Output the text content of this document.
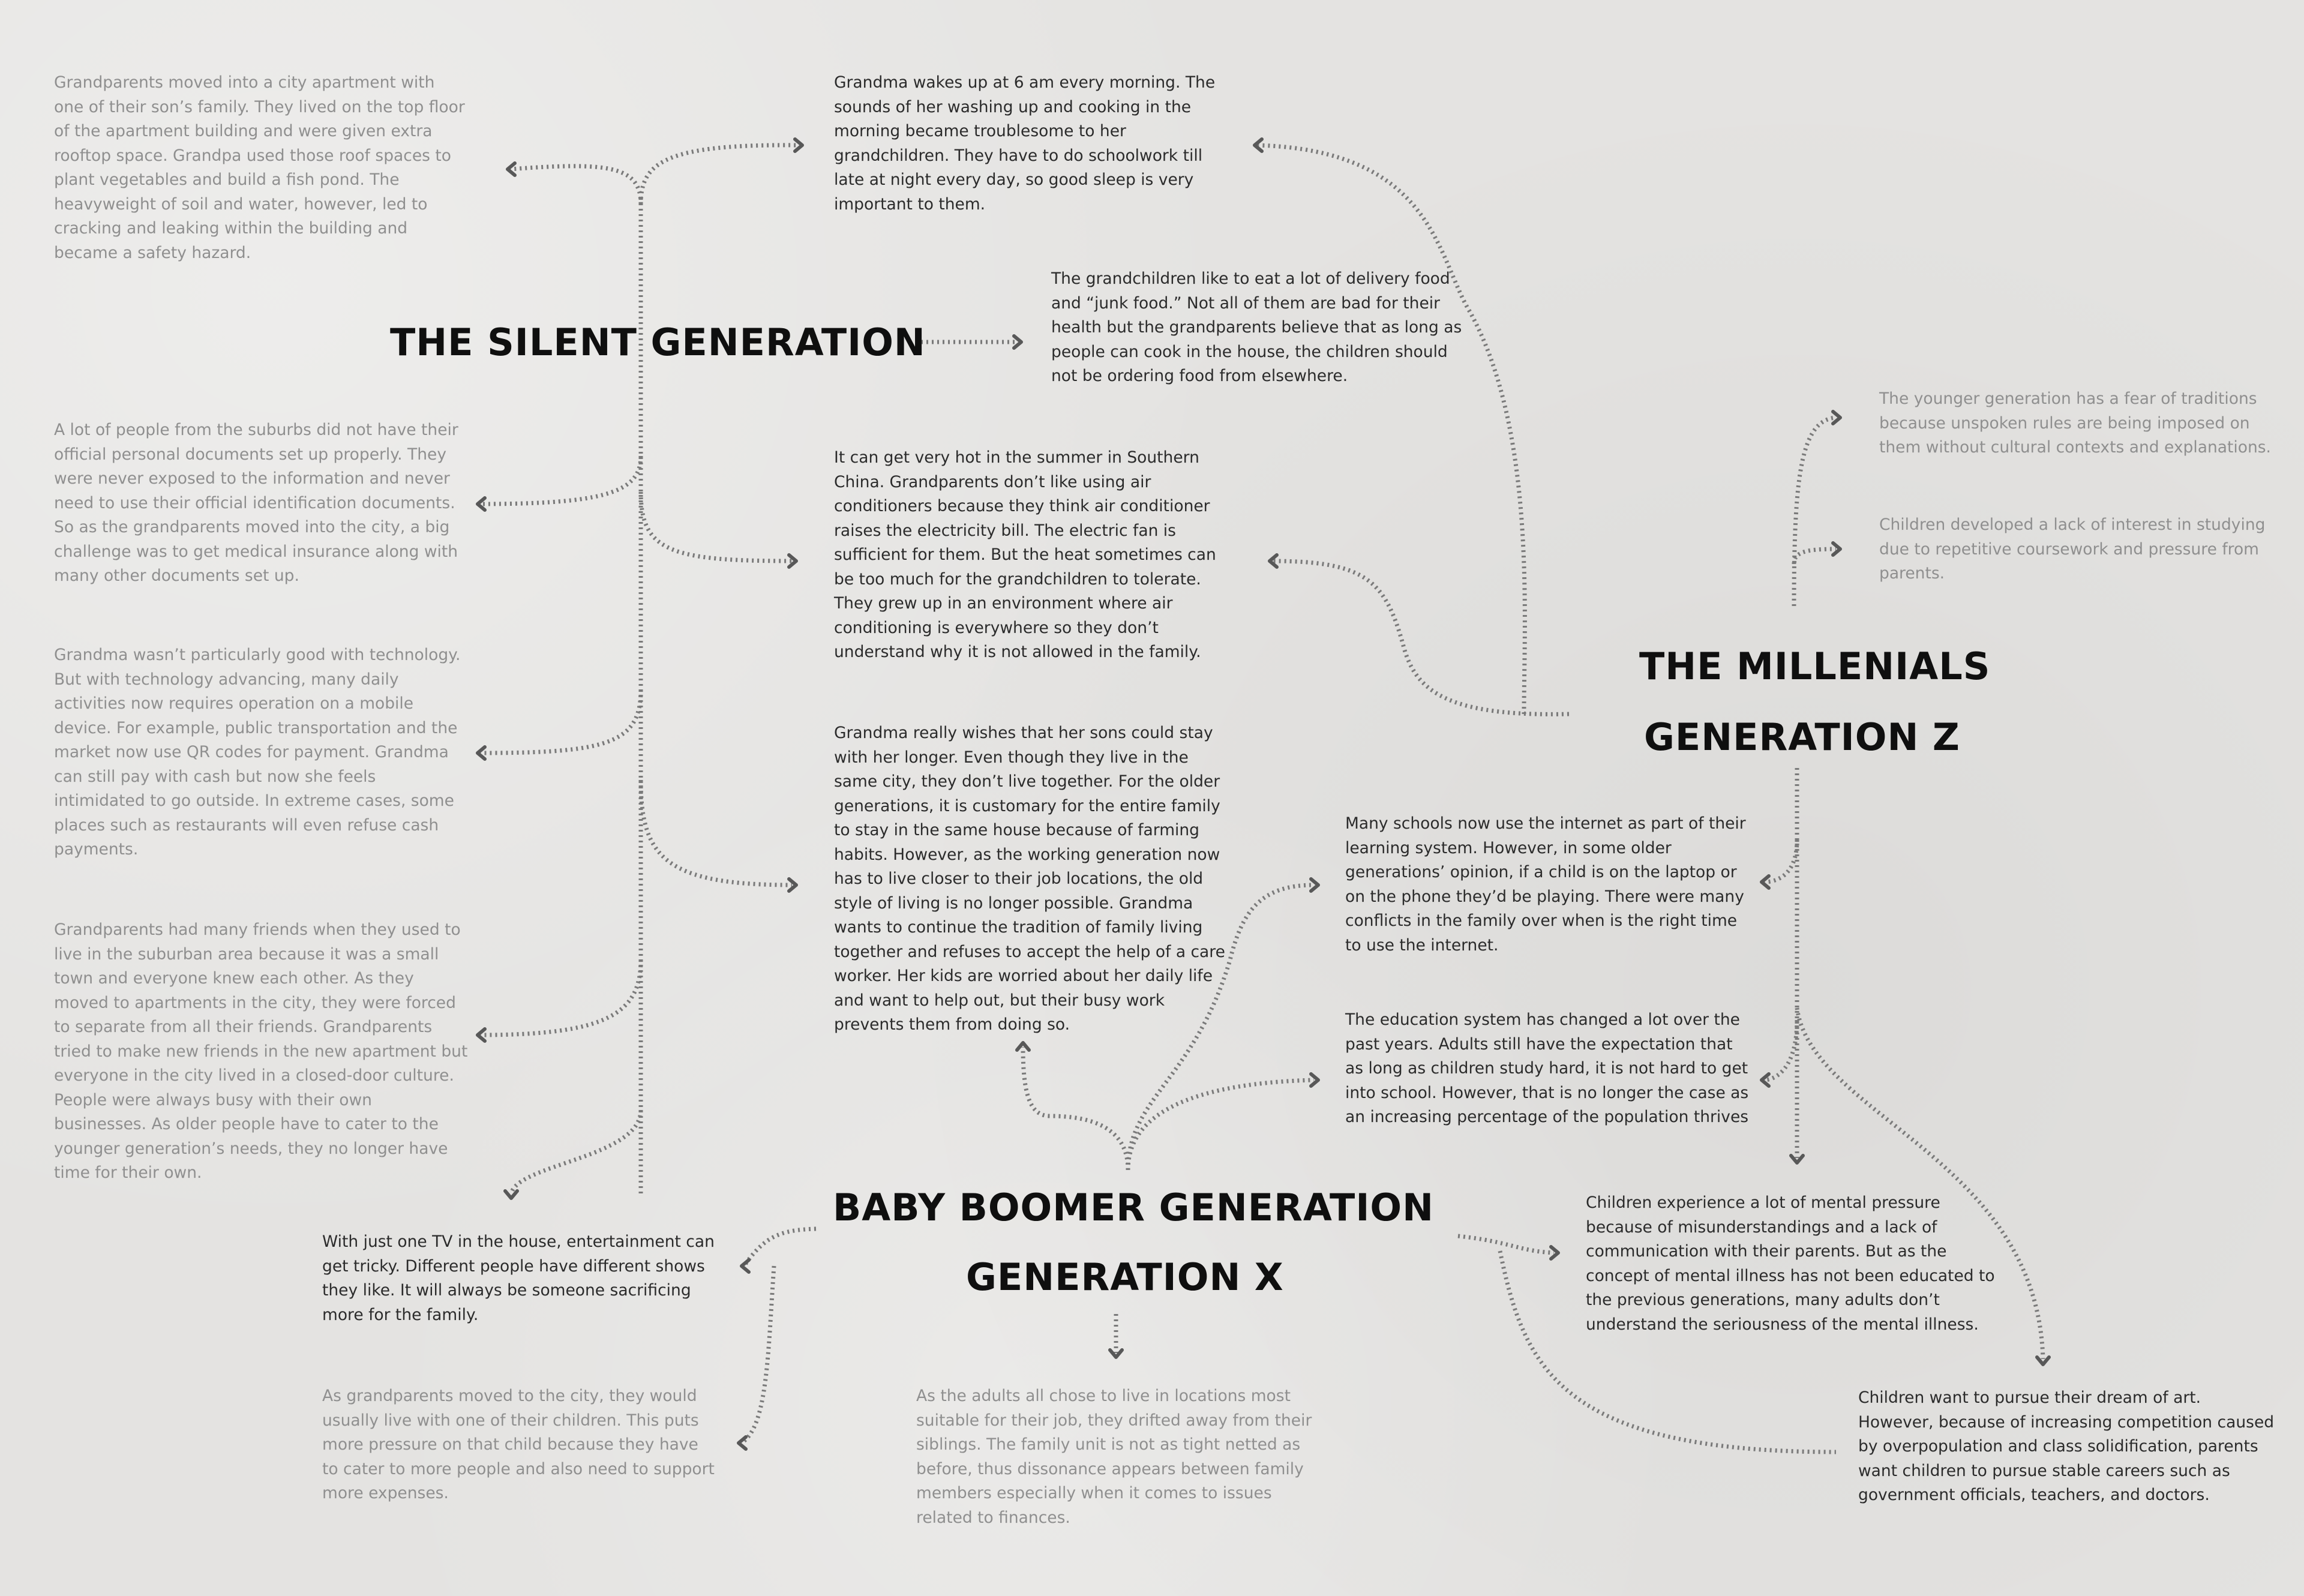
THE SILENT GENERATION
BABY BOOMER GENERATION
GENERATION X
THE MILLENIALS
GENERATION Z

Grandparents moved into a city apartment with one of their son’s family. They lived on the top floor of the apartment building and were given extra rooftop space. Grandpa used those roof spaces to plant vegetables and build a fish pond. The heavyweight of soil and water, however, led to cracking and leaking within the building and became a safety hazard.

A lot of people from the suburbs did not have their official personal documents set up properly. They were never exposed to the information and never need to use their official identification documents. So as the grandparents moved into the city, a big challenge was to get medical insurance along with many other documents set up.

Grandma wasn’t particularly good with technology. But with technology advancing, many daily activities now requires operation on a mobile device. For example, public transportation and the market now use QR codes for payment. Grandma can still pay with cash but now she feels intimidated to go outside. In extreme cases, some places such as restaurants will even refuse cash payments.

Grandparents had many friends when they used to live in the suburban area because it was a small town and everyone knew each other. As they moved to apartments in the city, they were forced to separate from all their friends. Grandparents tried to make new friends in the new apartment but everyone in the city lived in a closed-door culture. People were always busy with their own businesses. As older people have to cater to the younger generation’s needs, they no longer have time for their own.

Grandma wakes up at 6 am every morning. The sounds of her washing up and cooking in the morning became troublesome to her grandchildren. They have to do schoolwork till late at night every day, so good sleep is very important to them.

The grandchildren like to eat a lot of delivery food and “junk food.” Not all of them are bad for their health but the grandparents believe that as long as people can cook in the house, the children should not be ordering food from elsewhere.

It can get very hot in the summer in Southern China. Grandparents don’t like using air conditioners because they think air conditioner raises the electricity bill. The electric fan is sufficient for them. But the heat sometimes can be too much for the grandchildren to tolerate. They grew up in an environment where air conditioning is everywhere so they don’t understand why it is not allowed in the family.

Grandma really wishes that her sons could stay with her longer. Even though they live in the same city, they don’t live together. For the older generations, it is customary for the entire family to stay in the same house because of farming habits. However, as the working generation now has to live closer to their job locations, the old style of living is no longer possible. Grandma wants to continue the tradition of family living together and refuses to accept the help of a care worker. Her kids are worried about her daily life and want to help out, but their busy work prevents them from doing so.

With just one TV in the house, entertainment can get tricky. Different people have different shows they like. It will always be someone sacrificing more for the family.

As grandparents moved to the city, they would usually live with one of their children. This puts more pressure on that child because they have to cater to more people and also need to support more expenses.

As the adults all chose to live in locations most suitable for their job, they drifted away from their siblings. The family unit is not as tight netted as before, thus dissonance appears between family members especially when it comes to issues related to finances.

Many schools now use the internet as part of their learning system. However, in some older generations’ opinion, if a child is on the laptop or on the phone they’d be playing. There were many conflicts in the family over when is the right time to use the internet.

The education system has changed a lot over the past years. Adults still have the expectation that as long as children study hard, it is not hard to get into school. However, that is no longer the case as an increasing percentage of the population thrives

Children experience a lot of mental pressure because of misunderstandings and a lack of communication with their parents. But as the concept of mental illness has not been educated to the previous generations, many adults don’t understand the seriousness of the mental illness.

Children want to pursue their dream of art. However, because of increasing competition caused by overpopulation and class solidification, parents want children to pursue stable careers such as government officials, teachers, and doctors.

The younger generation has a fear of traditions because unspoken rules are being imposed on them without cultural contexts and explanations.

Children developed a lack of interest in studying due to repetitive coursework and pressure from parents.
